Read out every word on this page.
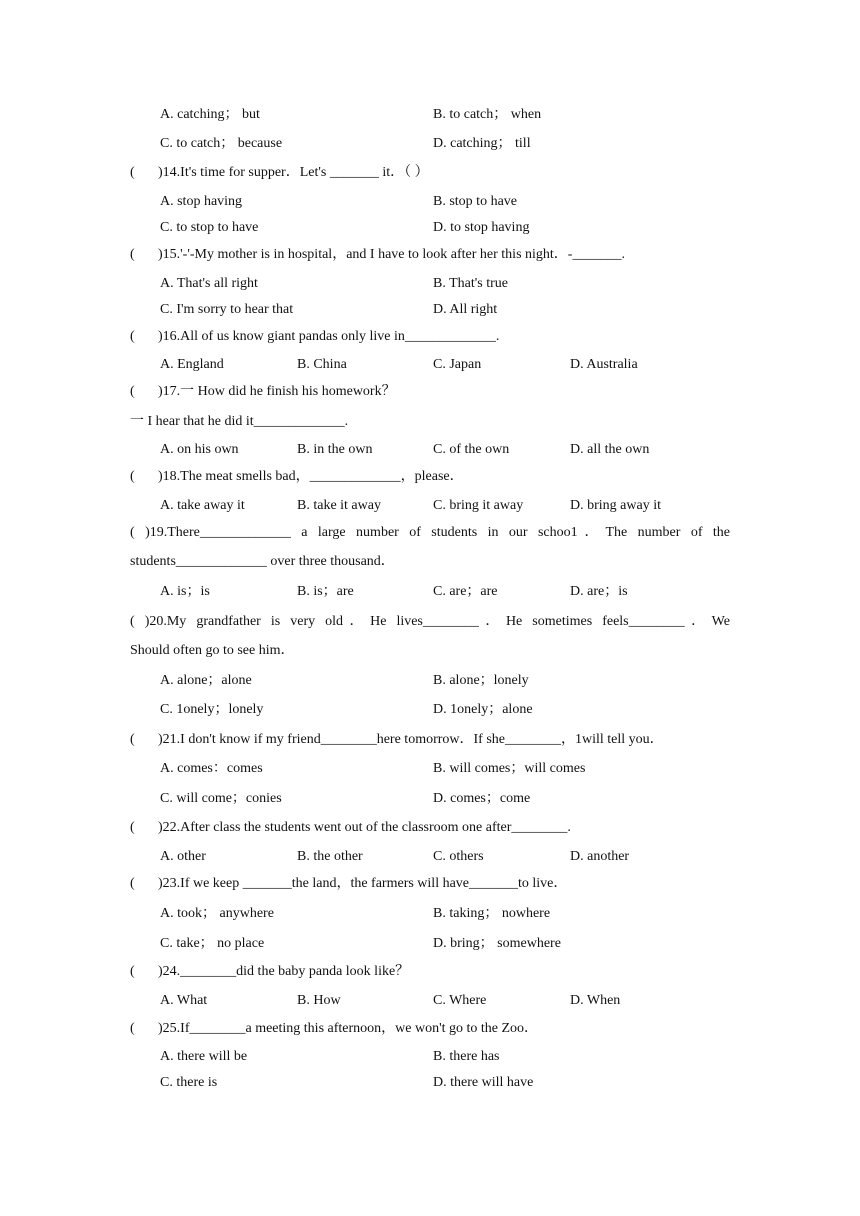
A. catching； but	B. to catch； when
C. to catch； because	D. catching； till
( )14.It's time for supper．Let's _______ it．（ ）
A. stop having	B. stop to have
C. to stop to have	D. to stop having
( )15.'-'-My mother is in hospital，and I have to look after her this night．-_______.
A. That's all right	B. That's true
C. I'm sorry to hear that	D. All right
( )16.All of us know giant pandas only live in_____________.
A. England	B. China	C. Japan	D. Australia
( )17.一 How did he finish his homework？
一 I hear that he did it_____________.
A. on his own	B. in the own	C. of the own	D. all the own
( )18.The meat smells bad，_____________，please．
A. take away it	B. take it away	C. bring it away	D. bring away it
( )19.There_____________ a large number of students in our schoo1．The number of the
students_____________ over three thousand．
A. is；is	B. is；are	C. are；are	D. are；is
( )20.My grandfather is very old．He lives________．He sometimes feels________．We
Should often go to see him．
A. alone；alone	B. alone；lonely
C. 1onely；lonely	D. 1onely；alone
( )21.I don't know if my friend________here tomorrow．If she________，1will tell you．
A. comes：comes	B. will comes；will comes
C. will come；conies	D. comes；come
( )22.After class the students went out of the classroom one after________.
A. other	B. the other	C. others	D. another
( )23.If we keep _______the land，the farmers will have_______to live．
A. took； anywhere	B. taking； nowhere
C. take； no place	D. bring； somewhere
( )24.________did the baby panda look like？
A. What	B. How	C. Where	D. When
( )25.If________a meeting this afternoon，we won't go to the Zoo．
A. there will be	B. there has
C. there is	D. there will have
